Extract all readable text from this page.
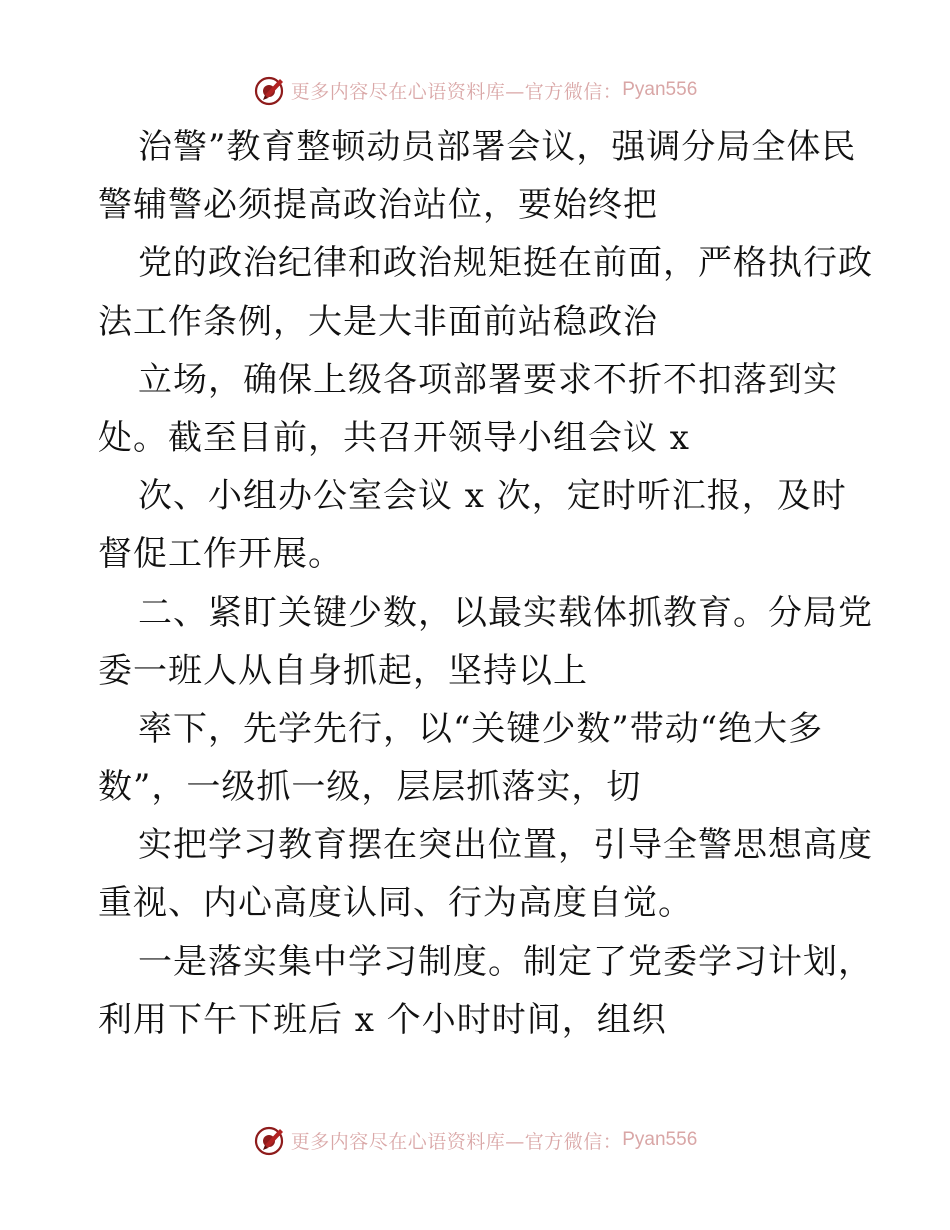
更多内容尽在心语资料库—官方微信： Pyan556
治警”教育整顿动员部署会议，强调分局全体民
警辅警必须提高政治站位，要始终把
党的政治纪律和政治规矩挺在前面，严格执行政
法工作条例，大是大非面前站稳政治
立场，确保上级各项部署要求不折不扣落到实
处。截至目前，共召开领导小组会议 x
次、小组办公室会议 x 次，定时听汇报，及时
督促工作开展。
二、紧盯关键少数，以最实载体抓教育。分局党
委一班人从自身抓起，坚持以上
率下，先学先行，以“关键少数”带动“绝大多
数”，一级抓一级，层层抓落实，切
实把学习教育摆在突出位置，引导全警思想高度
重视、内心高度认同、行为高度自觉。
一是落实集中学习制度。制定了党委学习计划，
利用下午下班后 x 个小时时间，组织
更多内容尽在心语资料库—官方微信： Pyan556
